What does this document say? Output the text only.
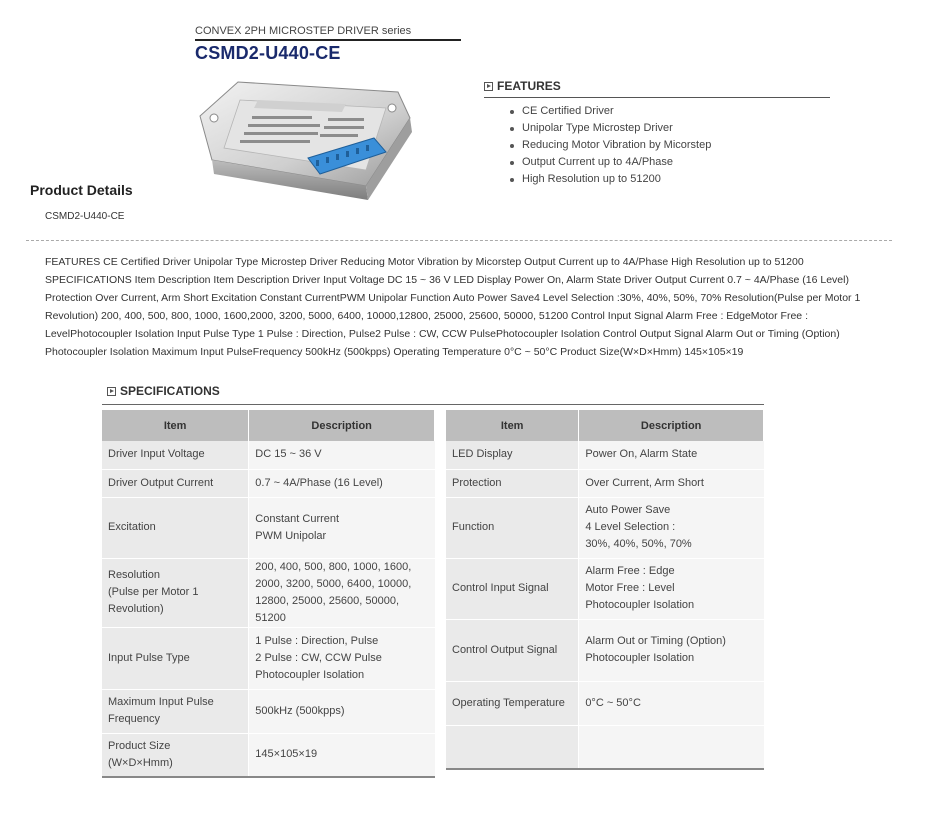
CONVEX 2PH MICROSTEP DRIVER series
CSMD2-U440-CE
FEATURES
CE Certified Driver
Unipolar Type Microstep Driver
Reducing Motor Vibration by Micorstep
Output Current up to 4A/Phase
High Resolution up to 51200
Product Details
CSMD2-U440-CE
FEATURES CE Certified Driver Unipolar Type Microstep Driver Reducing Motor Vibration by Micorstep Output Current up to 4A/Phase High Resolution up to 51200 SPECIFICATIONS Item Description Item Description Driver Input Voltage DC 15 ~ 36 V LED Display Power On, Alarm State Driver Output Current 0.7 ~ 4A/Phase (16 Level) Protection Over Current, Arm Short Excitation Constant CurrentPWM Unipolar Function Auto Power Save4 Level Selection :30%, 40%, 50%, 70% Resolution(Pulse per Motor 1 Revolution) 200, 400, 500, 800, 1000, 1600,2000, 3200, 5000, 6400, 10000,12800, 25000, 25600, 50000, 51200 Control Input Signal Alarm Free : EdgeMotor Free : LevelPhotocoupler Isolation Input Pulse Type 1 Pulse : Direction, Pulse2 Pulse : CW, CCW PulsePhotocoupler Isolation Control Output Signal Alarm Out or Timing (Option) Photocoupler Isolation Maximum Input PulseFrequency 500kHz (500kpps) Operating Temperature 0°C ~ 50°C Product Size(W×D×Hmm) 145×105×19
SPECIFICATIONS
Item	Description
Driver Input Voltage	DC 15 ~ 36 V
Driver Output Current	0.7 ~ 4A/Phase (16 Level)
Excitation	Constant Current
PWM Unipolar
Resolution
(Pulse per Motor 1
Revolution)	200, 400, 500, 800, 1000, 1600,
2000, 3200, 5000, 6400, 10000,
12800, 25000, 25600, 50000, 51200
Input Pulse Type	1 Pulse : Direction, Pulse
2 Pulse : CW, CCW Pulse
Photocoupler Isolation
Maximum Input Pulse
Frequency	500kHz (500kpps)
Product Size
(W×D×Hmm)	145×105×19
Item	Description
LED Display	Power On, Alarm State
Protection	Over Current, Arm Short
Function	Auto Power Save
4 Level Selection :
30%, 40%, 50%, 70%
Control Input Signal	Alarm Free : Edge
Motor Free : Level
Photocoupler Isolation
Control Output Signal	Alarm Out or Timing (Option)
Photocoupler Isolation
Operating Temperature	0°C ~ 50°C
